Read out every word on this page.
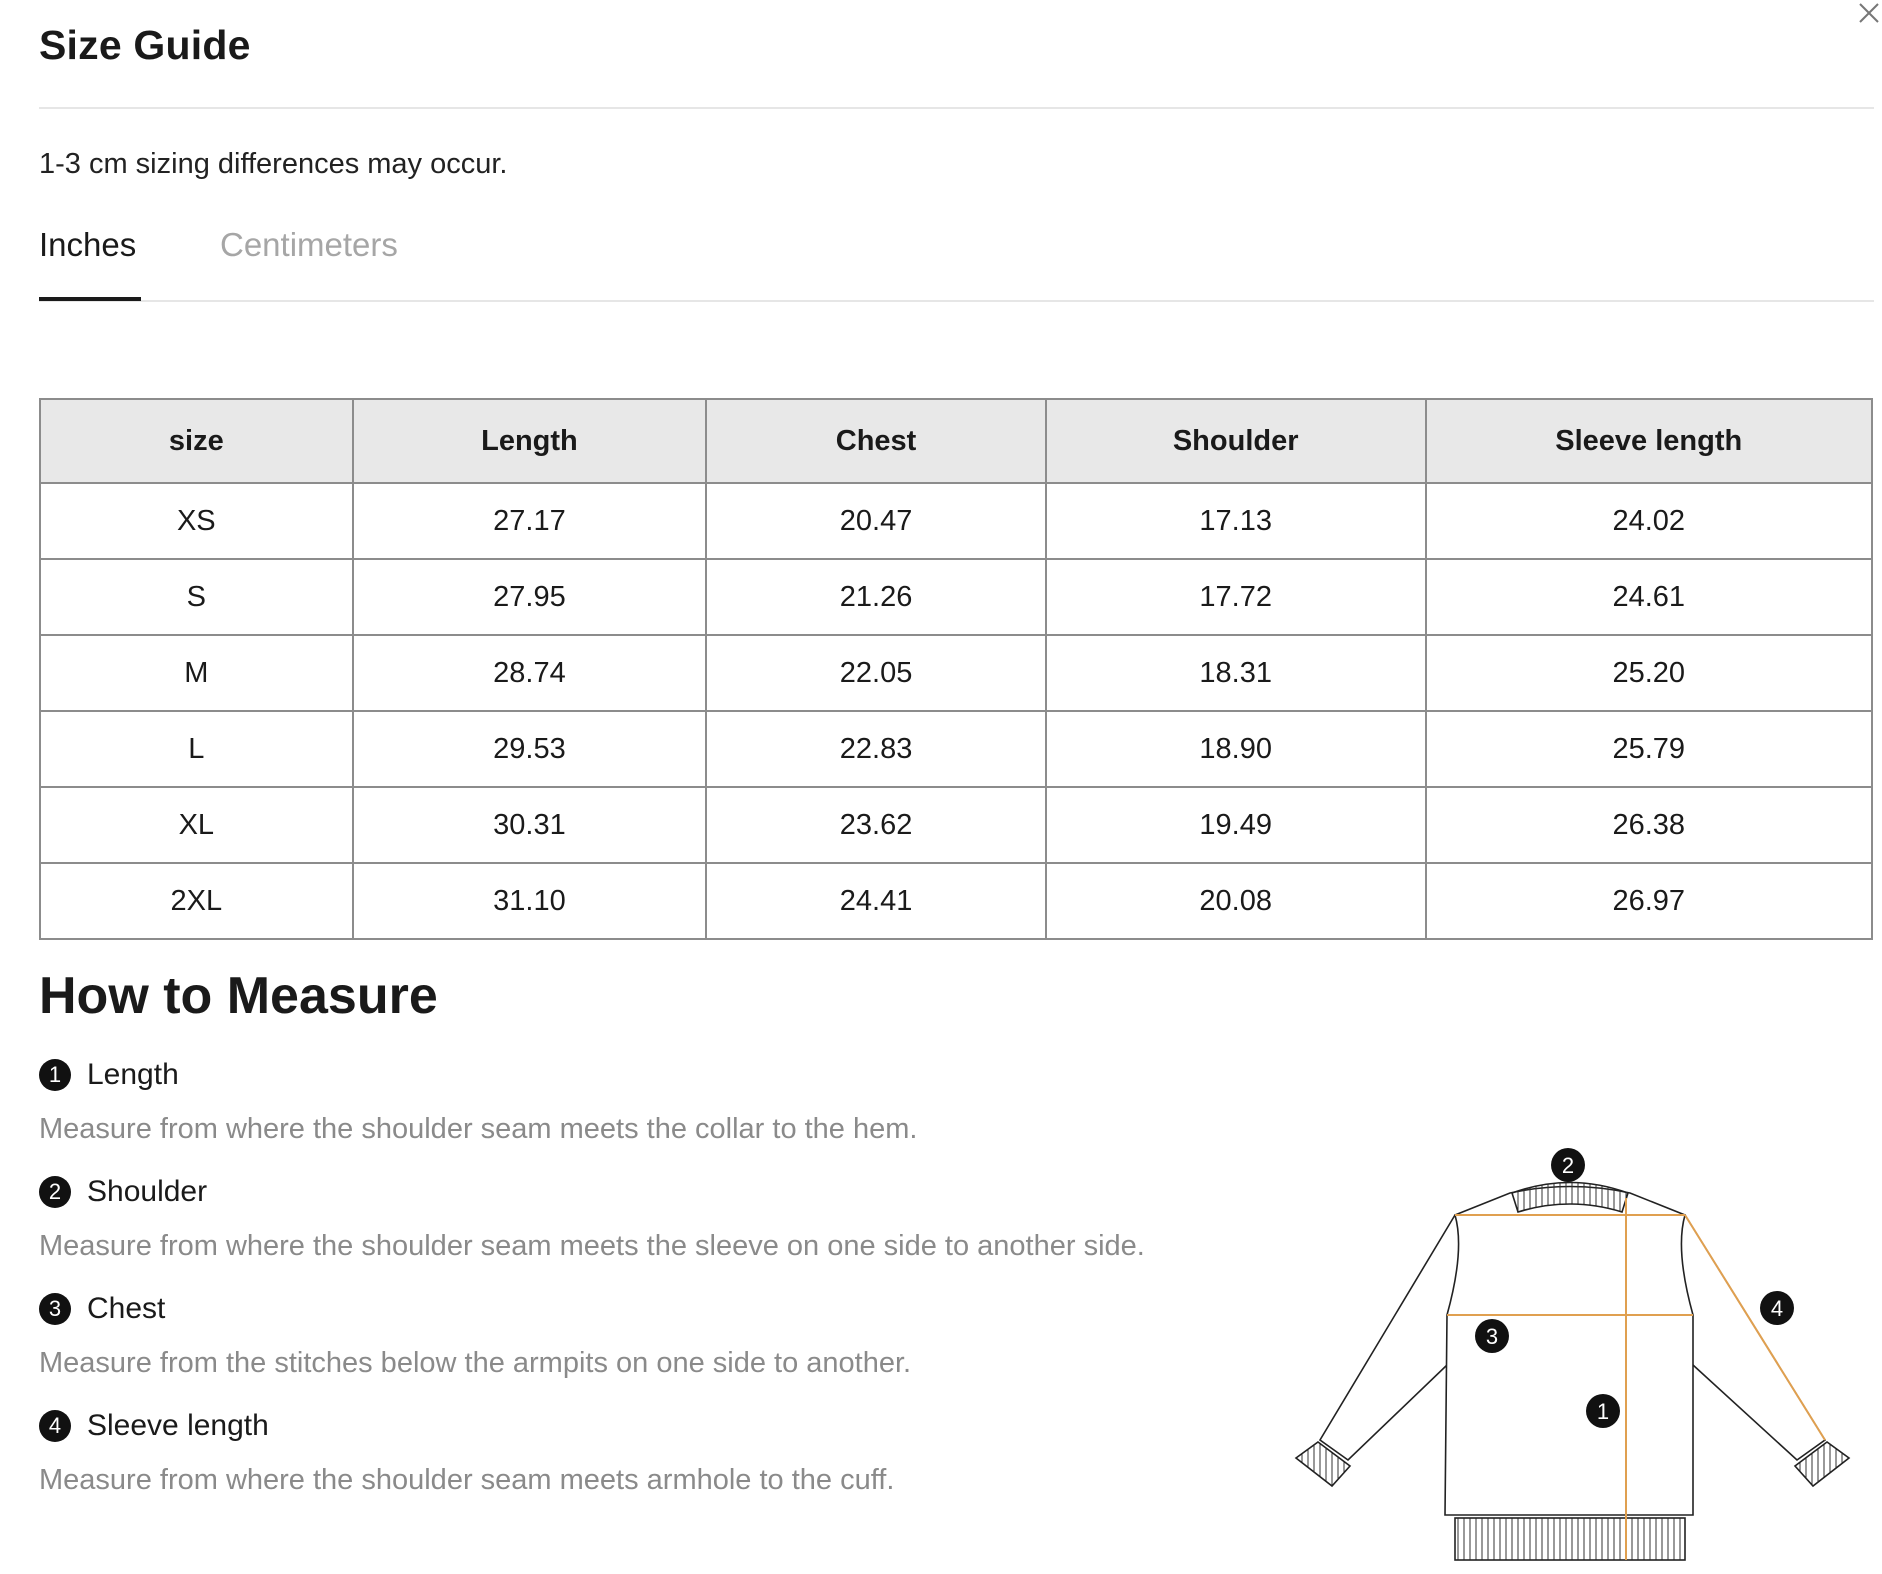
Size Guide
1-3 cm sizing differences may occur.
Inches	Centimeters
size	Length	Chest	Shoulder	Sleeve length
XS	27.17	20.47	17.13	24.02
S	27.95	21.26	17.72	24.61
M	28.74	22.05	18.31	25.20
L	29.53	22.83	18.90	25.79
XL	30.31	23.62	19.49	26.38
2XL	31.10	24.41	20.08	26.97
How to Measure
1 Length
Measure from where the shoulder seam meets the collar to the hem.
2 Shoulder
Measure from where the shoulder seam meets the sleeve on one side to another side.
3 Chest
Measure from the stitches below the armpits on one side to another.
4 Sleeve length
Measure from where the shoulder seam meets armhole to the cuff.
2
3
1
4
